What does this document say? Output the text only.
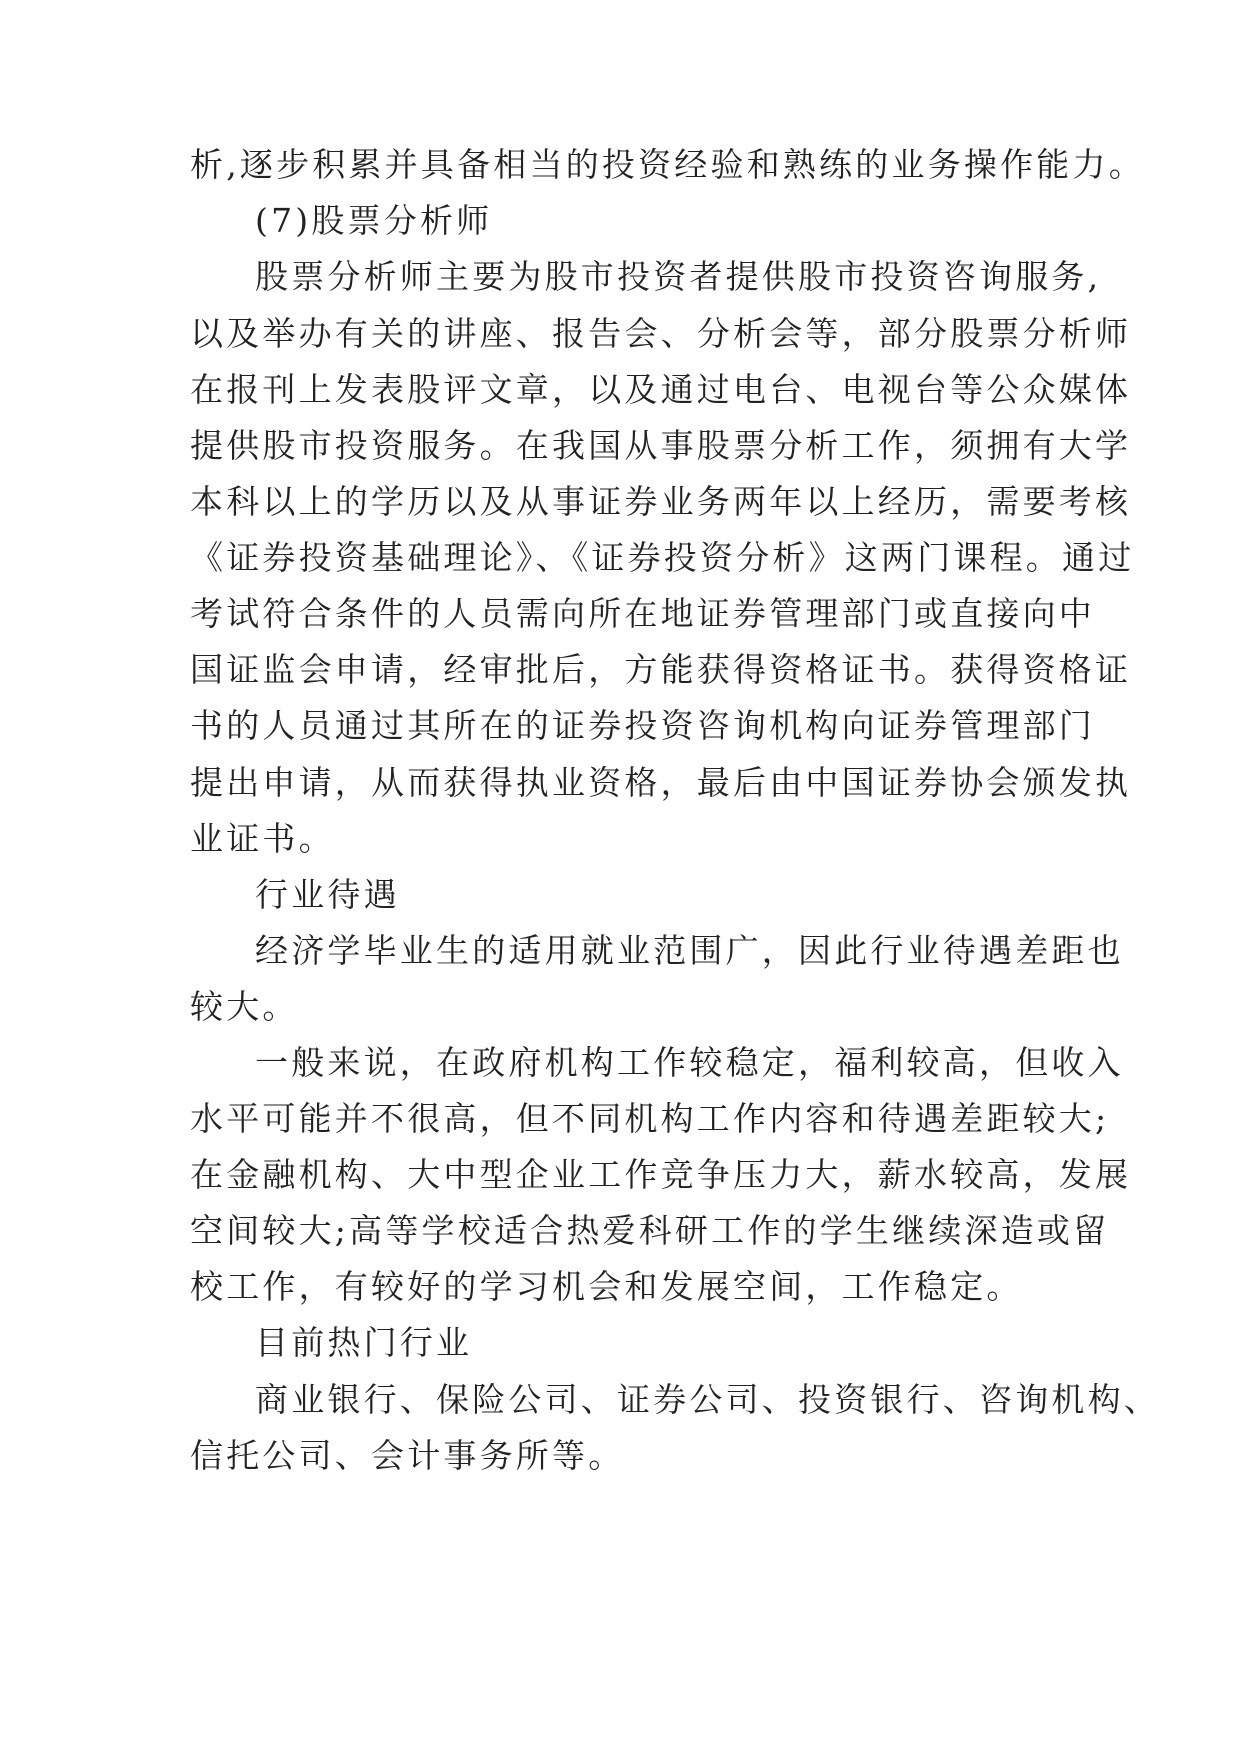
析,逐步积累并具备相当的投资经验和熟练的业务操作能力。
(7)股票分析师
股票分析师主要为股市投资者提供股市投资咨询服务,
以及举办有关的讲座、报告会、分析会等，部分股票分析师
在报刊上发表股评文章，以及通过电台、电视台等公众媒体
提供股市投资服务。在我国从事股票分析工作，须拥有大学
本科以上的学历以及从事证券业务两年以上经历，需要考核
《证券投资基础理论》、《证券投资分析》这两门课程。通过
考试符合条件的人员需向所在地证券管理部门或直接向中
国证监会申请，经审批后，方能获得资格证书。获得资格证
书的人员通过其所在的证券投资咨询机构向证券管理部门
提出申请，从而获得执业资格，最后由中国证券协会颁发执
业证书。
行业待遇
经济学毕业生的适用就业范围广，因此行业待遇差距也
较大。
一般来说，在政府机构工作较稳定，福利较高，但收入
水平可能并不很高，但不同机构工作内容和待遇差距较大;
在金融机构、大中型企业工作竞争压力大，薪水较高，发展
空间较大;高等学校适合热爱科研工作的学生继续深造或留
校工作，有较好的学习机会和发展空间，工作稳定。
目前热门行业
商业银行、保险公司、证券公司、投资银行、咨询机构、
信托公司、会计事务所等。
